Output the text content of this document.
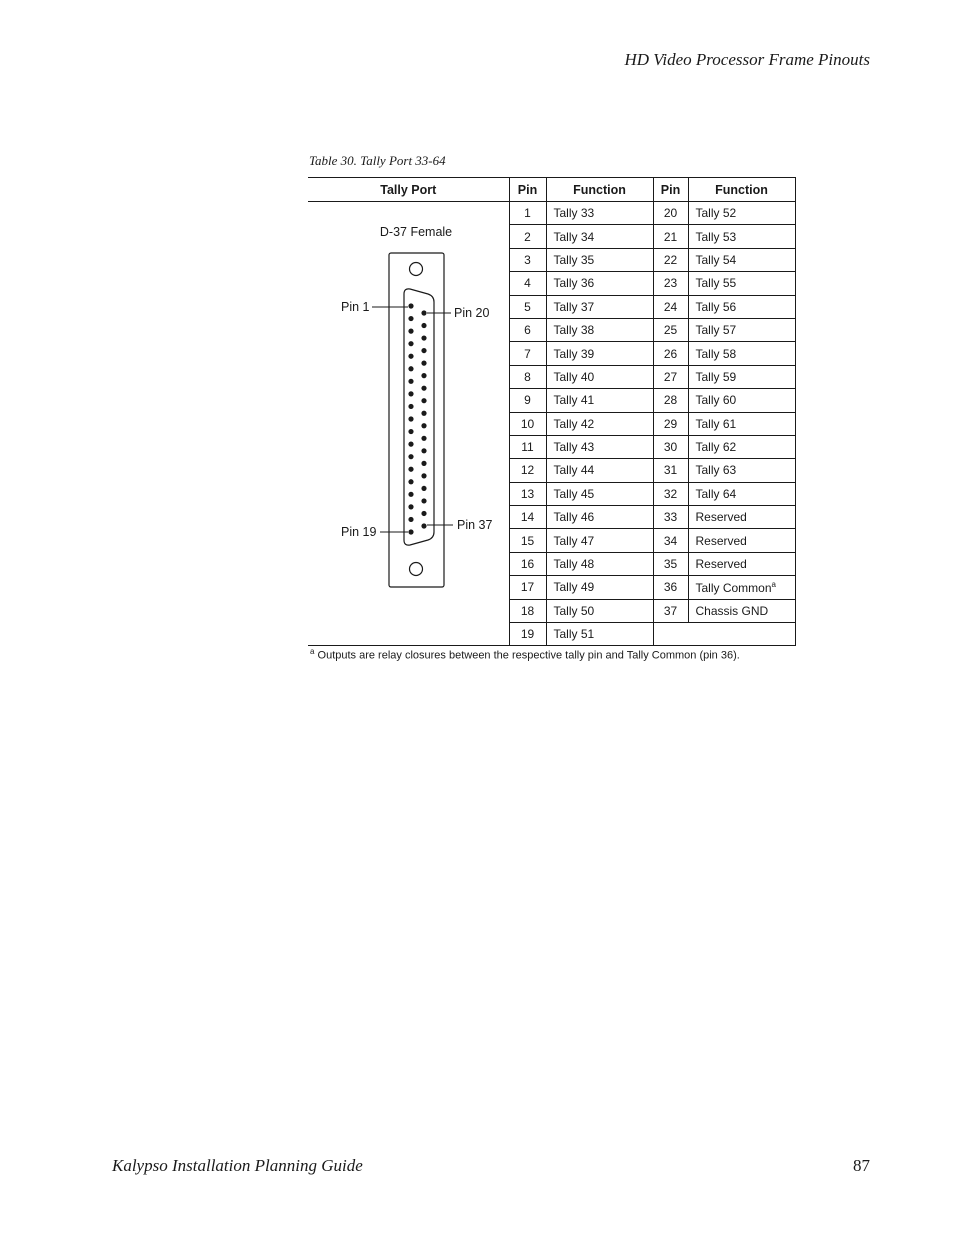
HD Video Processor Frame Pinouts
Table 30. Tally Port 33-64
Tally Port	Pin	Function	Pin	Function

D-37 Female
Pin 1 Pin 20
Pin 19 Pin 37	1	Tally 33	20	Tally 52
	2	Tally 34	21	Tally 53
	3	Tally 35	22	Tally 54
	4	Tally 36	23	Tally 55
	5	Tally 37	24	Tally 56
	6	Tally 38	25	Tally 57
	7	Tally 39	26	Tally 58
	8	Tally 40	27	Tally 59
	9	Tally 41	28	Tally 60
	10	Tally 42	29	Tally 61
	11	Tally 43	30	Tally 62
	12	Tally 44	31	Tally 63
	13	Tally 45	32	Tally 64
	14	Tally 46	33	Reserved
	15	Tally 47	34	Reserved
	16	Tally 48	35	Reserved
	17	Tally 49	36	Tally Common$^a$
	18	Tally 50	37	Chassis GND
	19	Tally 51		
$^a$ Outputs are relay closures between the respective tally pin and Tally Common (pin 36).
Kalypso Installation Planning Guide	87
